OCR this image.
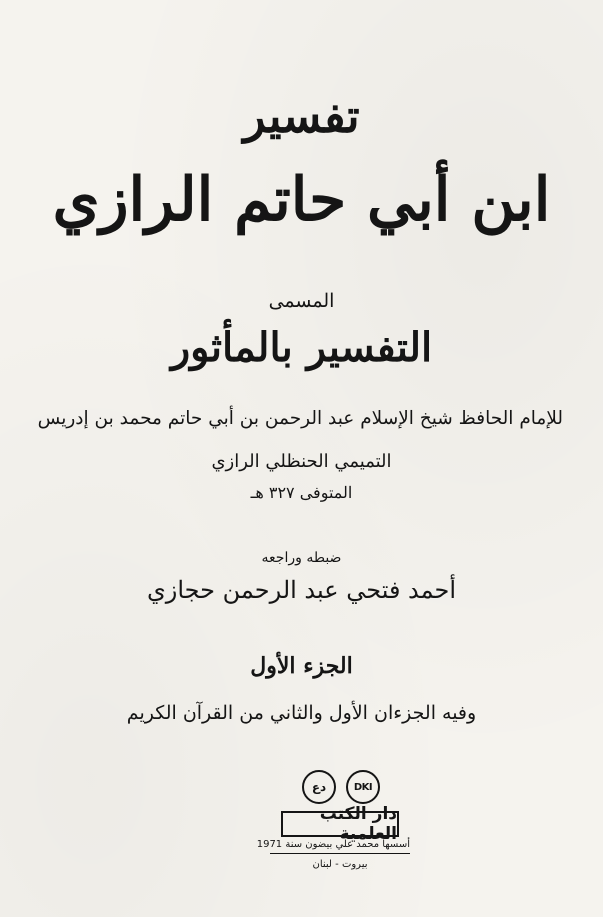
تفسير
ابن أبي حاتم الرازي
المسمى
التفسير بالمأثور
للإمام الحافظ شيخ الإسلام عبد الرحمن بن أبي حاتم محمد بن إدريس
التميمي الحنظلي الرازي
المتوفى ٣٢٧ هـ
ضبطه وراجعه
أحمد فتحي عبد الرحمن حجازي
الجزء الأول
وفيه الجزءان الأول والثاني من القرآن الكريم
دع	DKI
دار الكتب العلمية
أسسها محمد علي بيضون سنة 1971
بيروت - لبنان
